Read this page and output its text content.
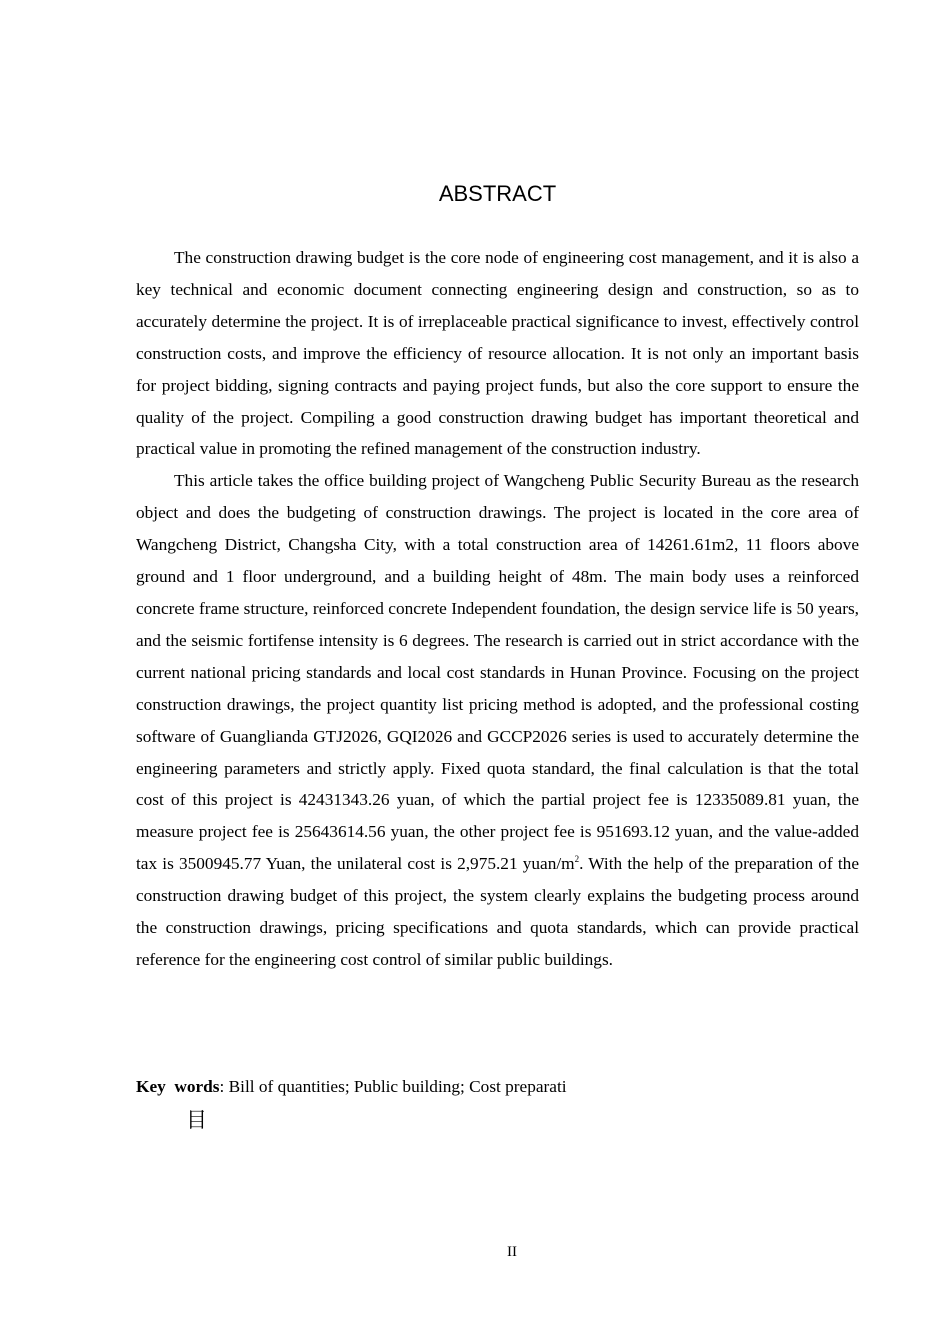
ABSTRACT

The construction drawing budget is the core node of engineering cost management, and it is also a key technical and economic document connecting engineering design and construction, so as to accurately determine the project. It is of irreplaceable practical significance to invest, effectively control construction costs, and improve the efficiency of resource allocation. It is not only an important basis for project bidding, signing contracts and paying project funds, but also the core support to ensure the quality of the project. Compiling a good construction drawing budget has important theoretical and practical value in promoting the refined management of the construction industry.

This article takes the office building project of Wangcheng Public Security Bureau as the research object and does the budgeting of construction drawings. The project is located in the core area of Wangcheng District, Changsha City, with a total construction area of 14261.61m2, 11 floors above ground and 1 floor underground, and a building height of 48m. The main body uses a reinforced concrete frame structure, reinforced concrete Independent foundation, the design service life is 50 years, and the seismic fortifense intensity is 6 degrees. The research is carried out in strict accordance with the current national pricing standards and local cost standards in Hunan Province. Focusing on the project construction drawings, the project quantity list pricing method is adopted, and the professional costing software of Guanglianda GTJ2026, GQI2026 and GCCP2026 series is used to accurately determine the engineering parameters and strictly apply. Fixed quota standard, the final calculation is that the total cost of this project is 42431343.26 yuan, of which the partial project fee is 12335089.81 yuan, the measure project fee is 25643614.56 yuan, the other project fee is 951693.12 yuan, and the value-added tax is 3500945.77 Yuan, the unilateral cost is 2,975.21 yuan/$m^2$. With the help of the preparation of the construction drawing budget of this project, the system clearly explains the budgeting process around the construction drawings, pricing specifications and quota standards, which can provide practical reference for the engineering cost control of similar public buildings.

Key  words: Bill of quantities; Public building; Cost preparati

目
II
